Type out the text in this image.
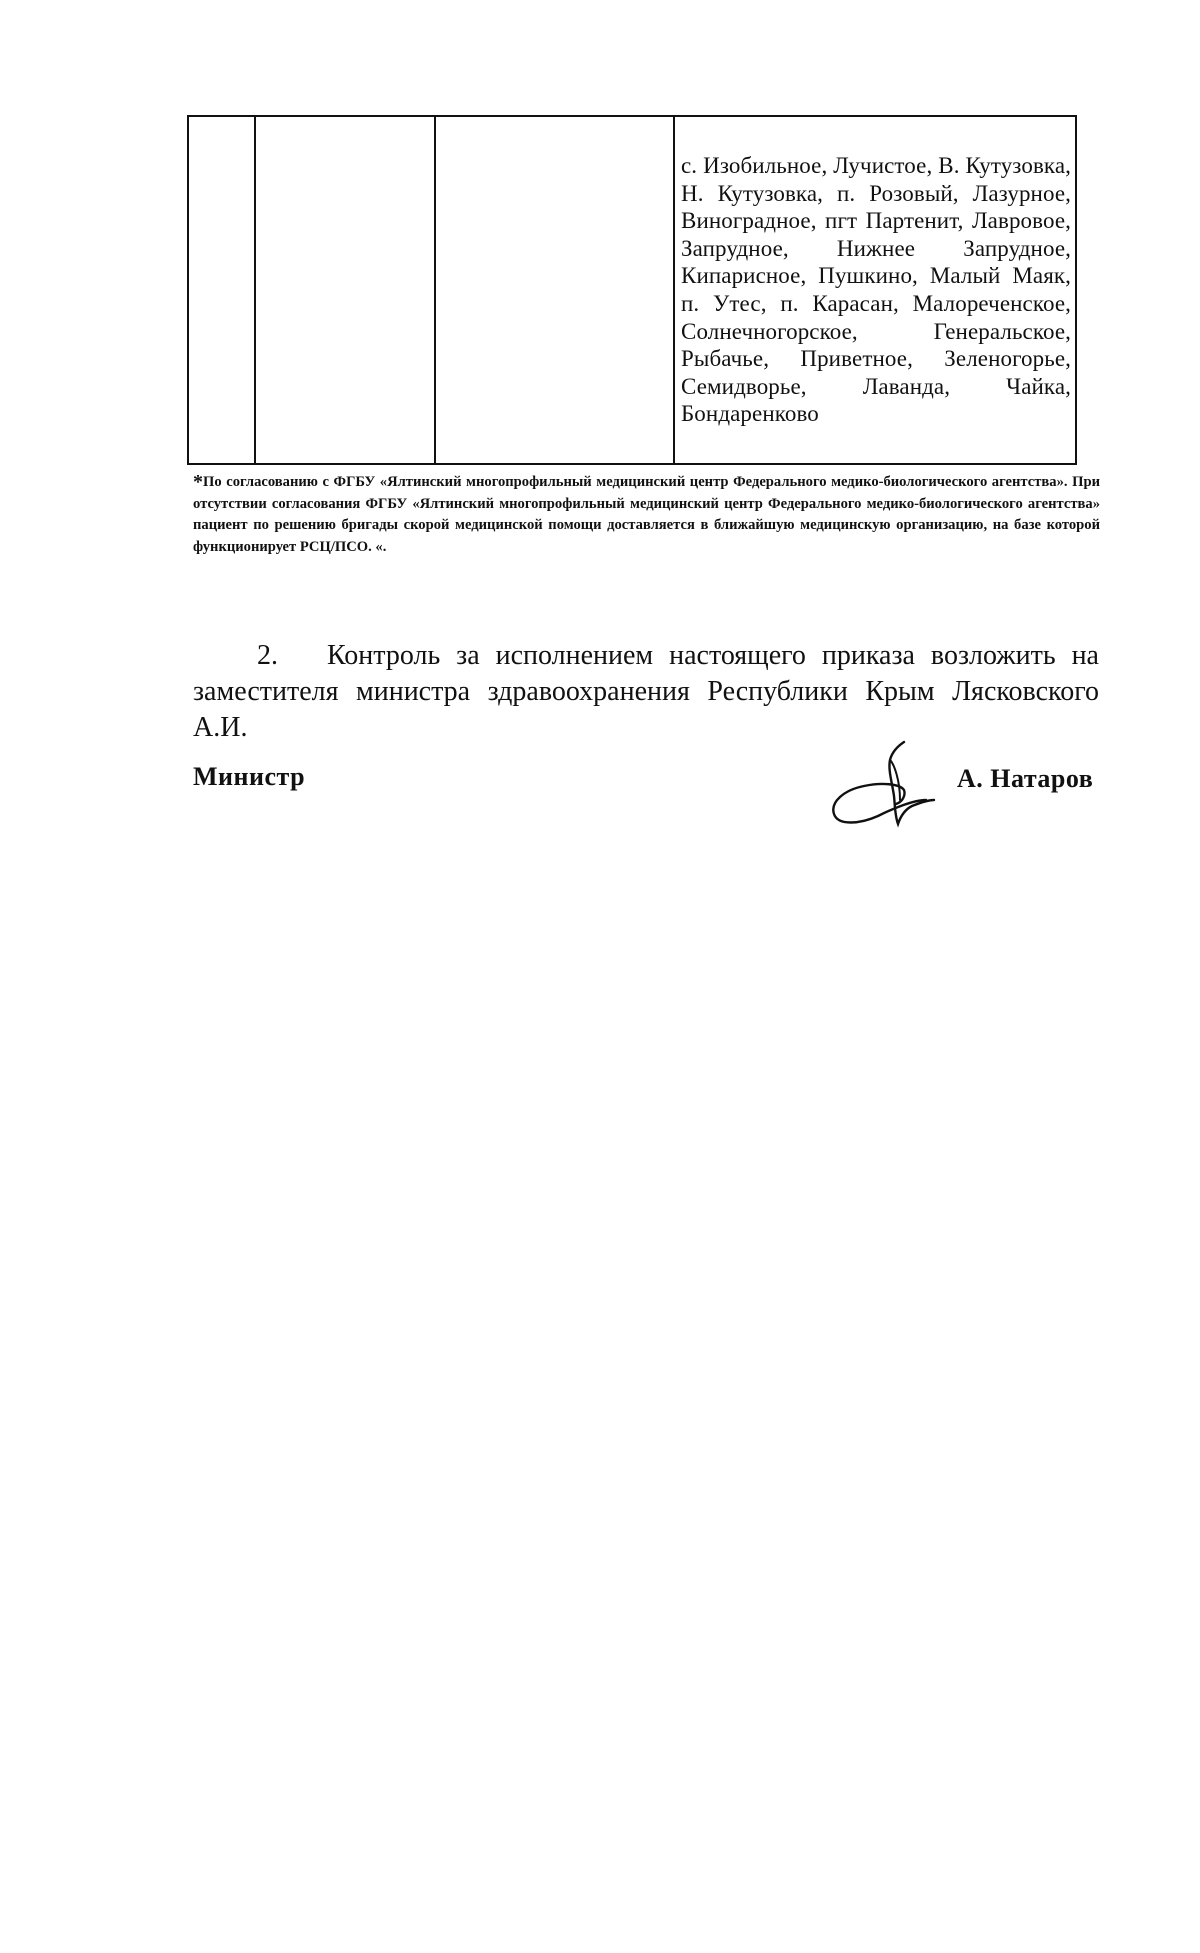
с. Изобильное, Лучистое, В. Кутузовка, Н. Кутузовка, п. Розовый, Лазурное, Виноградное, пгт Партенит, Лавровое, Запрудное, Нижнее Запрудное, Кипарисное, Пушкино, Малый Маяк, п. Утес, п. Карасан, Малореченское, Солнечногорское, Генеральское, Рыбачье, Привeтное, Зеленогорье, Семидворье, Лаванда, Чайка, Бондаренково
*По согласованию с ФГБУ «Ялтинский многопрофильный медицинский центр Федерального медико-биологического агентства». При отсутствии согласования ФГБУ «Ялтинский многопрофильный медицинский центр Федерального медико-биологического агентства» пациент по решению бригады скорой медицинской помощи доставляется в ближайшую медицинскую организацию, на базе которой функционирует РСЦ/ПСО. «.
2. Контроль за исполнением настоящего приказа возложить на заместителя министра здравоохранения Республики Крым Лясковского А.И.
Министр	А. Натаров
